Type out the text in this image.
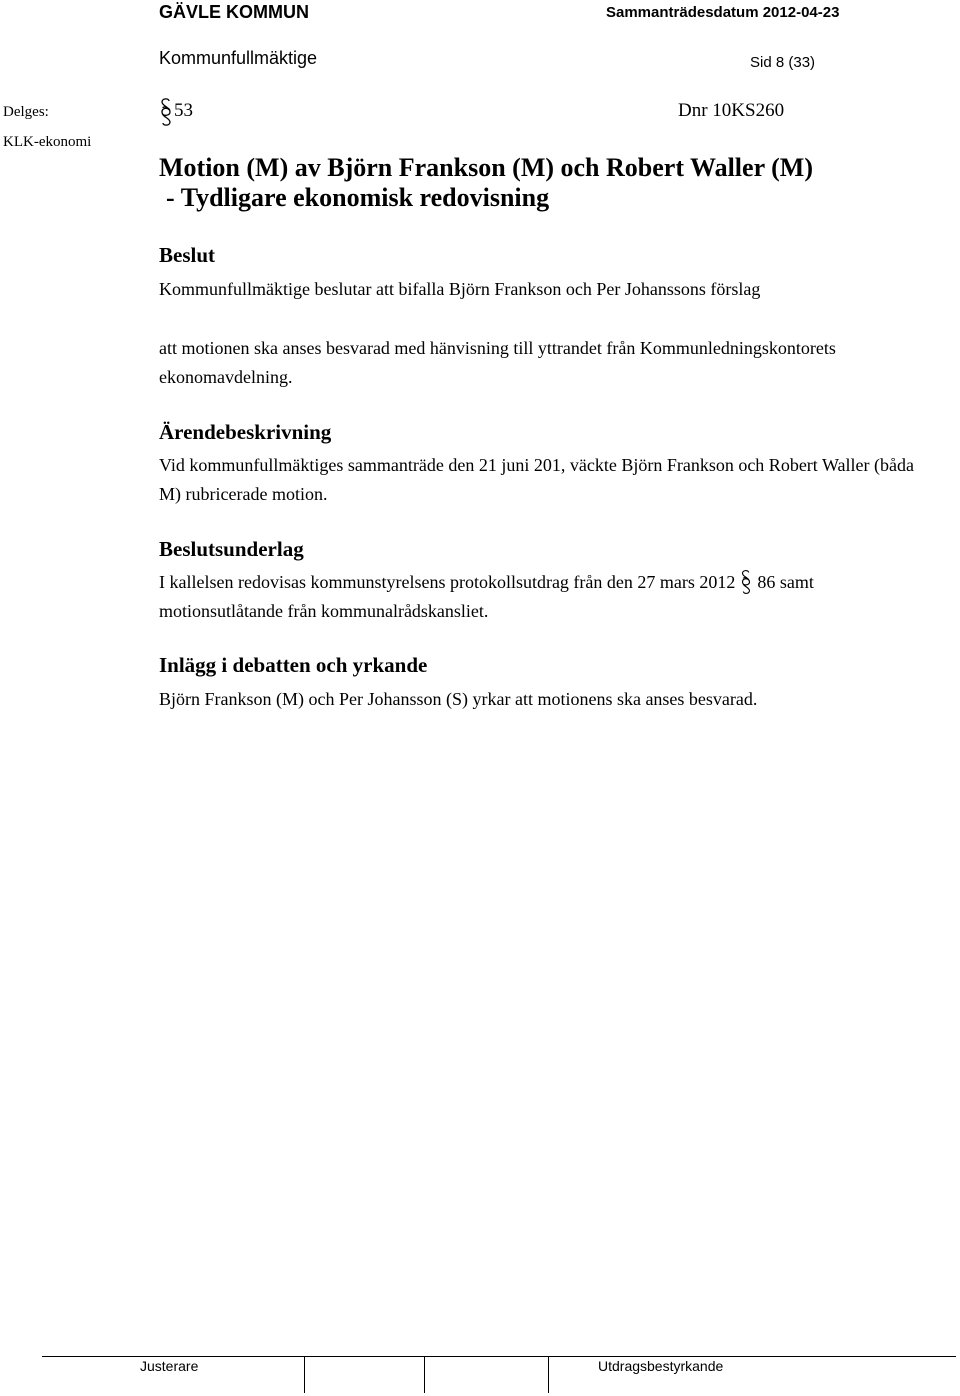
GÄVLE KOMMUN	Sammanträdesdatum 2012-04-23
Kommunfullmäktige	Sid 8 (33)
Delges:
KLK-ekonomi
53	Dnr 10KS260
Motion (M) av Björn Frankson (M) och Robert Waller (M)
- Tydligare ekonomisk redovisning
Beslut
Kommunfullmäktige beslutar att bifalla Björn Frankson och Per Johanssons förslag
att motionen ska anses besvarad med hänvisning till yttrandet från Kommunledningskontorets ekonomavdelning.
Ärendebeskrivning
Vid kommunfullmäktiges sammanträde den 21 juni 201, väckte Björn Frankson och Robert Waller (båda M) rubricerade motion.
Beslutsunderlag
I kallelsen redovisas kommunstyrelsens protokollsutdrag från den 27 mars 2012 86 samt motionsutlåtande från kommunalrådskansliet.
Inlägg i debatten och yrkande
Björn Frankson (M) och Per Johansson (S) yrkar att motionens ska anses besvarad.
Justerare	Utdragsbestyrkande
